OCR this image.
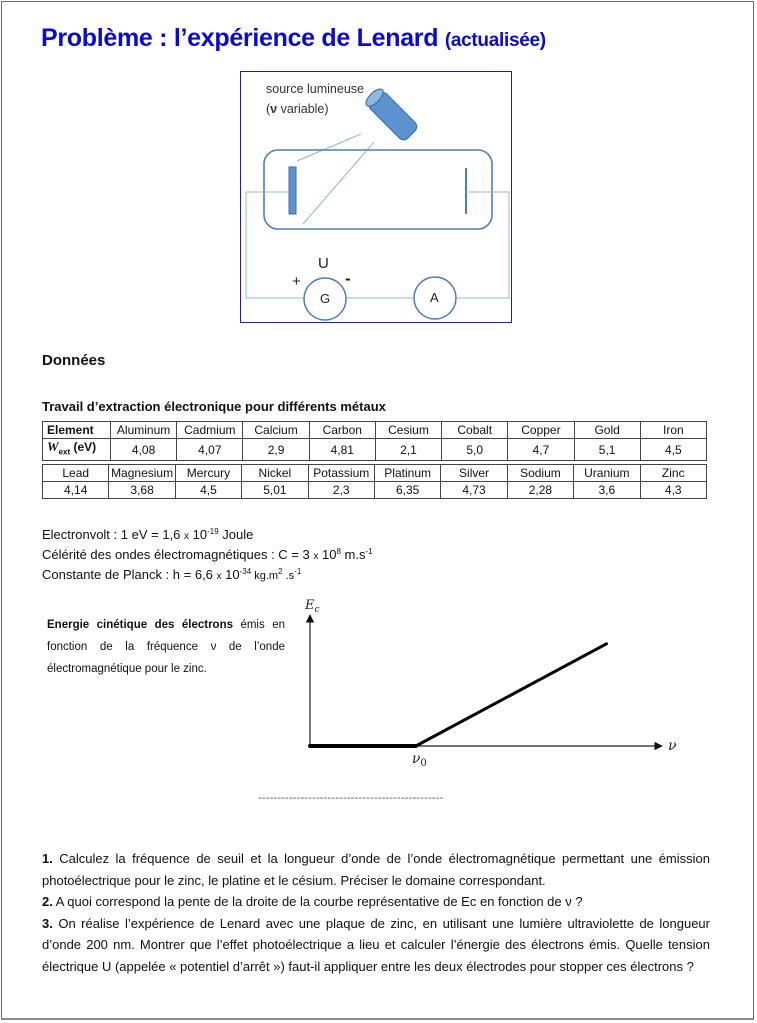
Problème : l’expérience de Lenard (actualisée)
source lumineuse
(ν variable)
U
+	-
G	A
Données
Travail d’extraction électronique pour différents métaux
Element	Aluminum	Cadmium	Calcium	Carbon	Cesium	Cobalt	Copper	Gold	Iron
$W_{ext}$ (eV)	4,08	4,07	2,9	4,81	2,1	5,0	4,7	5,1	4,5
Lead	Magnesium	Mercury	Nickel	Potassium	Platinum	Silver	Sodium	Uranium	Zinc
4,14	3,68	4,5	5,01	2,3	6,35	4,73	2,28	3,6	4,3
Electronvolt : 1 eV = 1,6 x $10^{-19}$ Joule
Célérité des ondes électromagnétiques : C = 3 x $10^8$ $m.s^{-1}$
Constante de Planck : h = 6,6 x $10^{-34}$ $kg.m^2$ $.s^{-1}$
Energie cinétique des électrons émis en fonction de la fréquence ν de l’onde électromagnétique pour le zinc.
$E_c$
ν
$\nu_0$
------------------------------------------------

1. Calculez la fréquence de seuil et la longueur d’onde de l’onde électromagnétique permettant une émission photoélectrique pour le zinc, le platine et le césium. Préciser le domaine correspondant.

2. A quoi correspond la pente de la droite de la courbe représentative de Ec en fonction de ν ?

3. On réalise l’expérience de Lenard avec une plaque de zinc, en utilisant une lumière ultraviolette de longueur d’onde 200 nm. Montrer que l’effet photoélectrique a lieu et calculer l’énergie des électrons émis. Quelle tension électrique U (appelée « potentiel d’arrêt ») faut-il appliquer entre les deux électrodes pour stopper ces électrons ?
